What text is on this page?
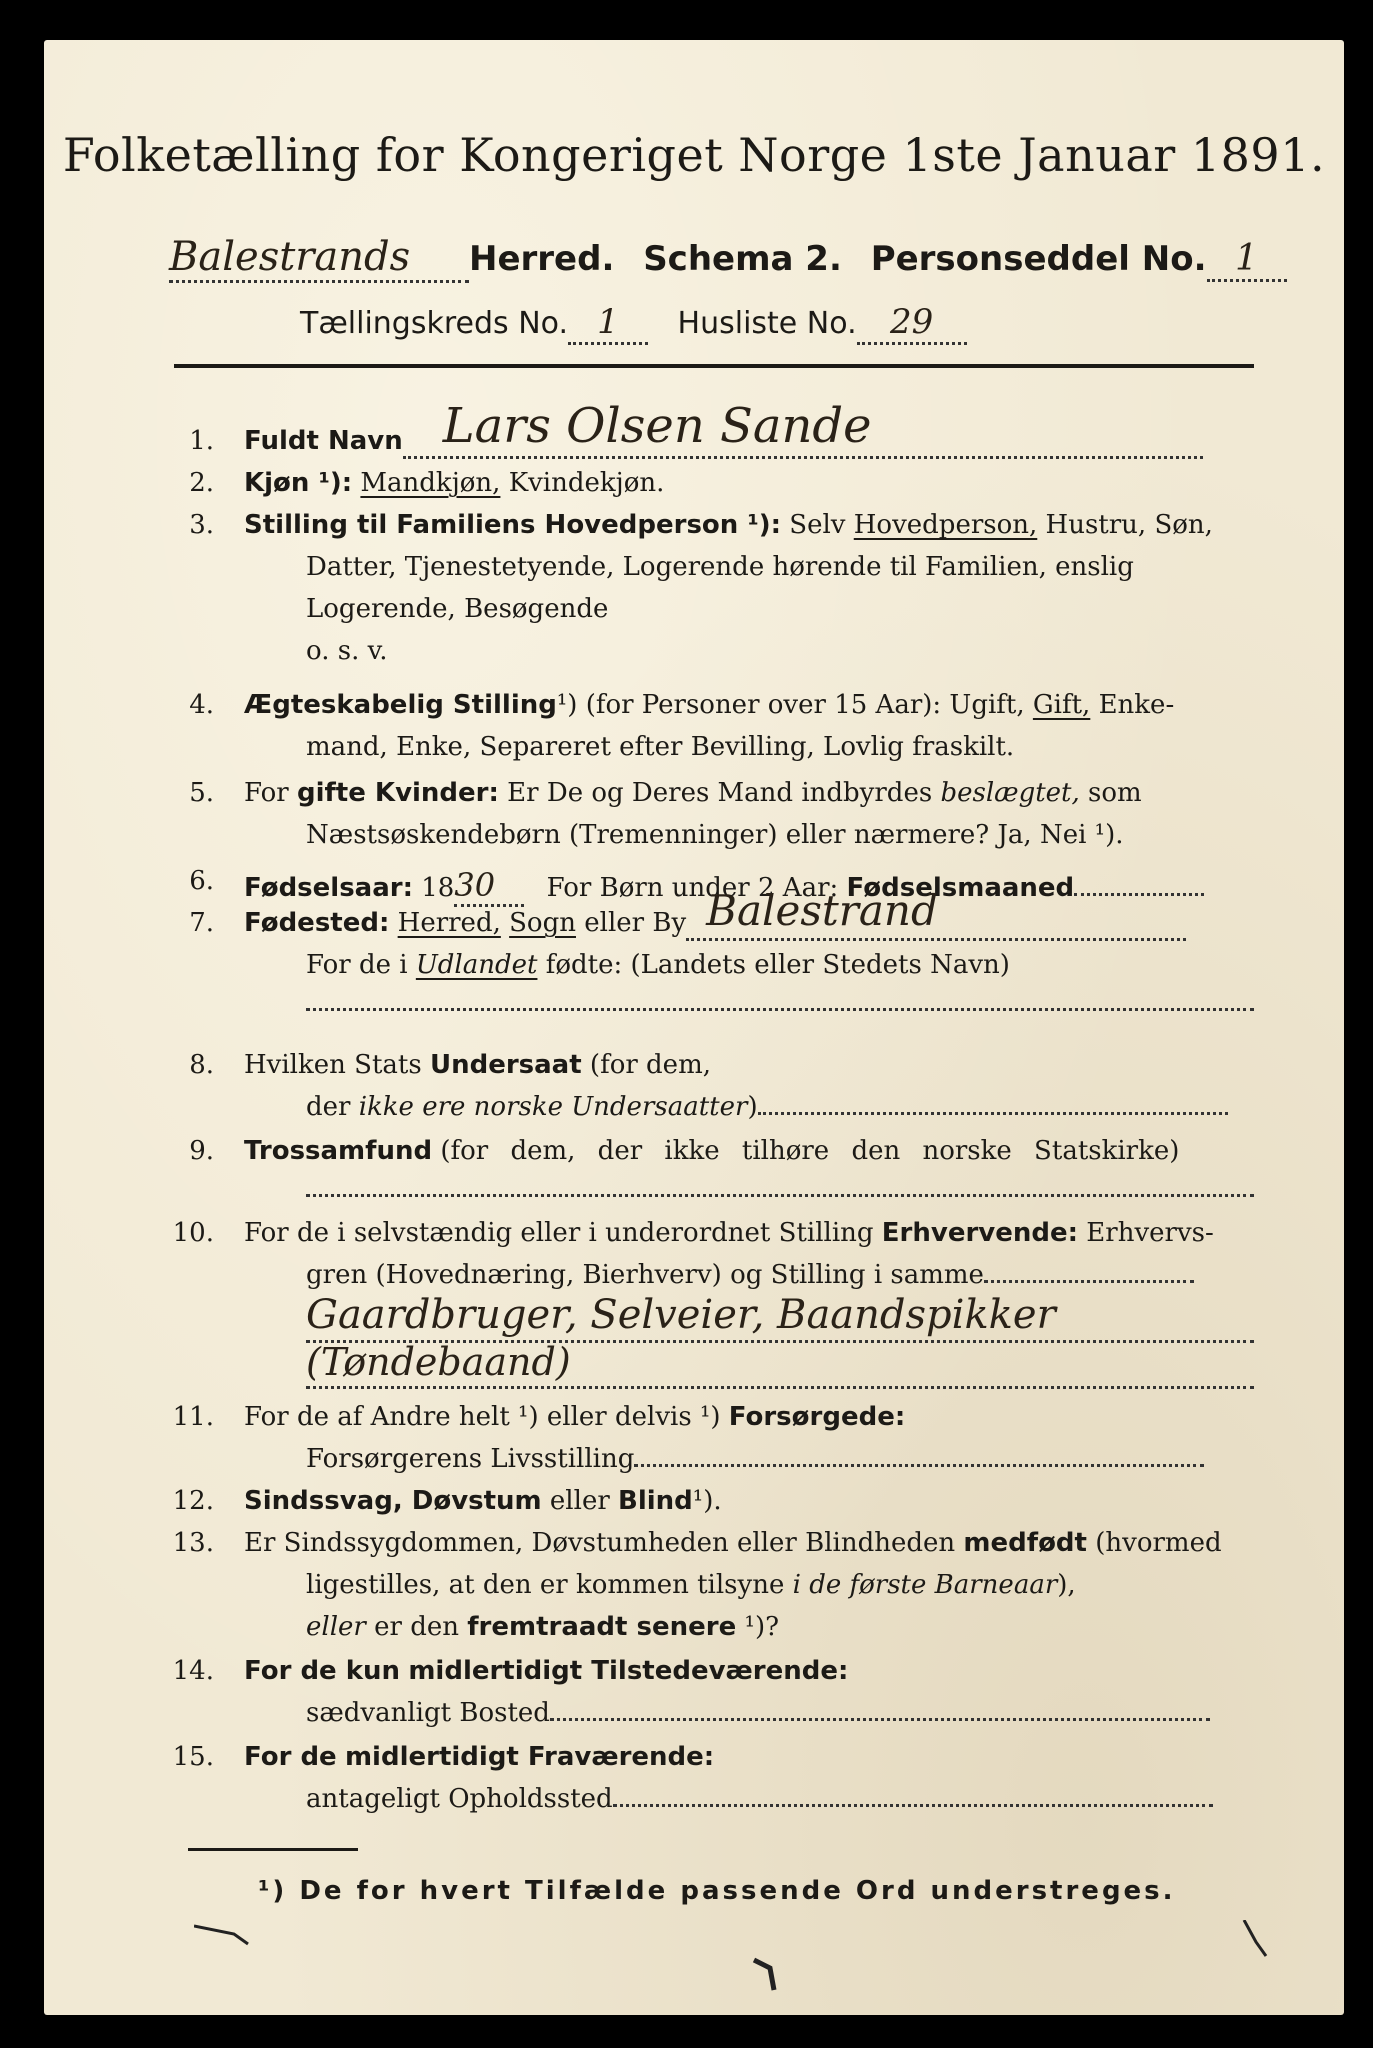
Folketælling for Kongeriget Norge 1ste Januar 1891.
Balestrands Herred. Schema 2. Personseddel No. 1
Tællingskreds No. 1 Husliste No. 29
1. Fuldt Navn Lars Olsen Sande

2. Kjøn ¹): Mandkjøn, Kvindekjøn.
3. Stilling til Familiens Hovedperson ¹): Selv Hovedperson, Hustru, Søn,
Datter, Tjenestetyende, Logerende hørende til Familien, enslig
Logerende, Besøgende
o. s. v.
4. Ægteskabelig Stilling¹) (for Personer over 15 Aar): Ugift, Gift, Enke-
mand, Enke, Separeret efter Bevilling, Lovlig fraskilt.
5. For gifte Kvinder: Er De og Deres Mand indbyrdes beslægtet, som
Næstsøskendebørn (Tremenninger) eller nærmere? Ja, Nei ¹).
6. Fødselsaar: 1830 For Børn under 2 Aar: Fødselsmaaned
7. Fødested: Herred, Sogn eller By Balestrand

For de i Udlandet fødte: (Landets eller Stedets Navn)
8. Hvilken Stats Undersaat (for dem,
der ikke ere norske Undersaatter)
9. Trossamfund (for dem, der ikke tilhøre den norske Statskirke)
10. For de i selvstændig eller i underordnet Stilling Erhvervende: Erhvervs-
gren (Hovednæring, Bierhverv) og Stilling i samme
Gaardbruger, Selveier, Baandspikker
(Tøndebaand)
11. For de af Andre helt ¹) eller delvis ¹) Forsørgede:
Forsørgerens Livsstilling
12. Sindssvag, Døvstum eller Blind¹).
13. Er Sindssygdommen, Døvstumheden eller Blindheden medfødt (hvormed
ligestilles, at den er kommen tilsyne i de første Barneaar),
eller er den fremtraadt senere ¹)?
14. For de kun midlertidigt Tilstedeværende:
sædvanligt Bosted
15. For de midlertidigt Fraværende:
antageligt Opholdssted
¹) De for hvert Tilfælde passende Ord understreges.
